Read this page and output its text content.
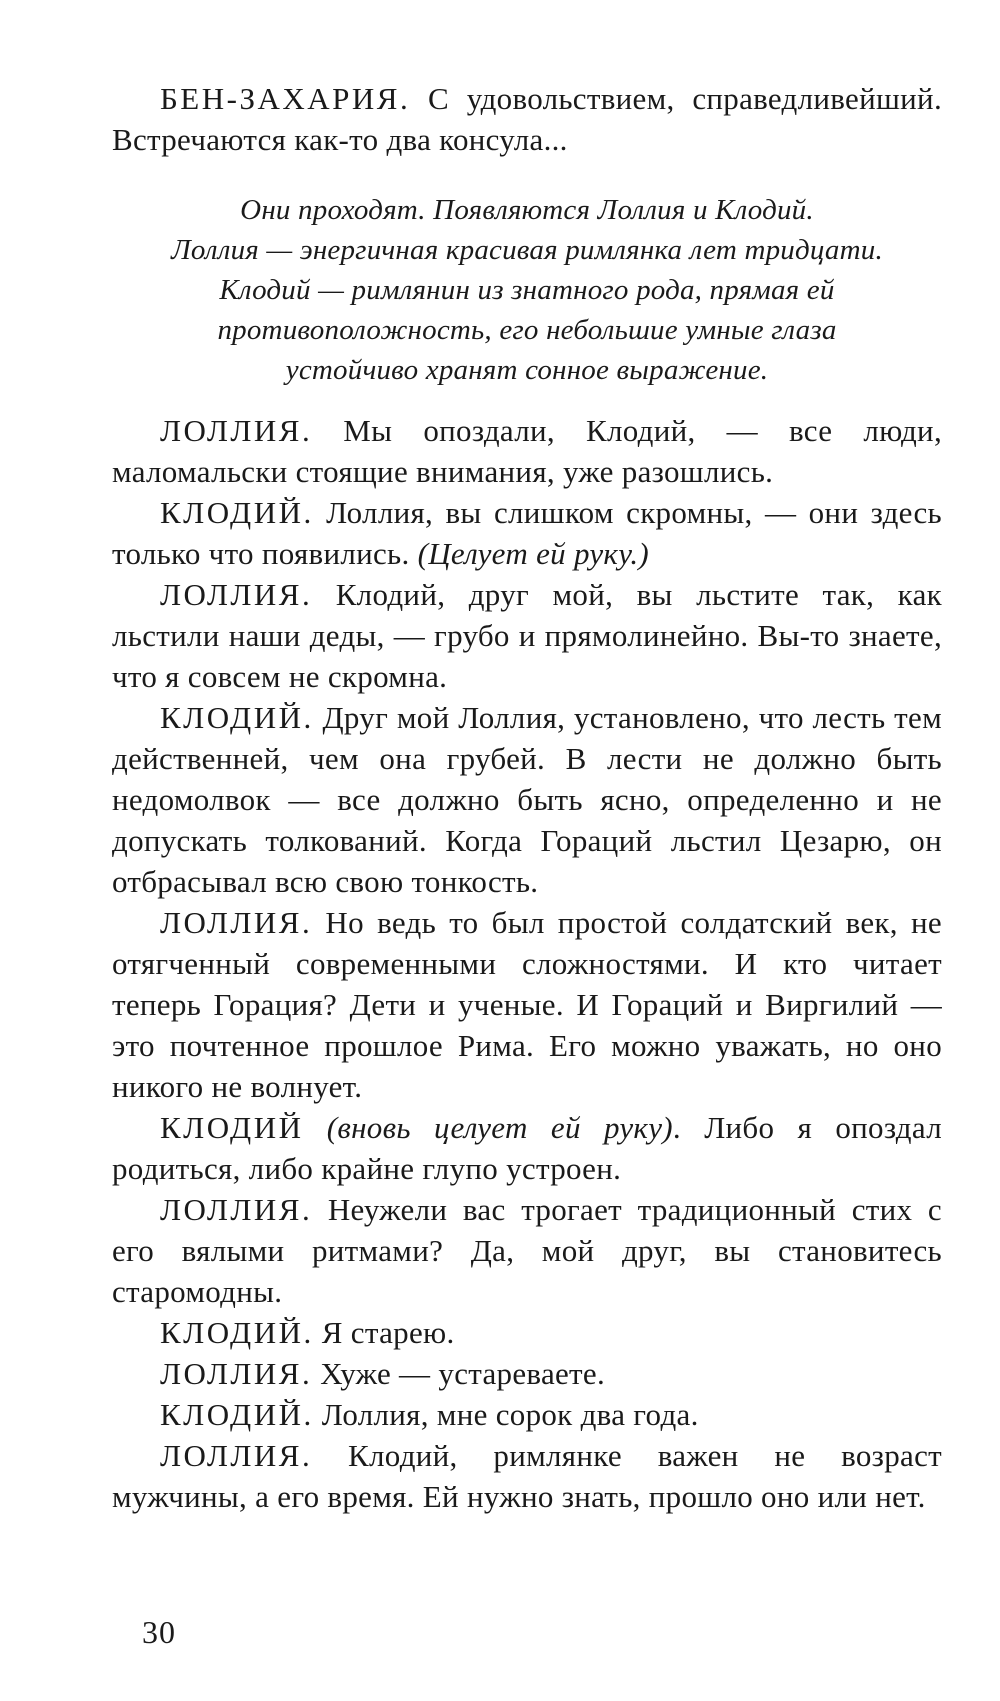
БЕН-ЗАХАРИЯ. С удовольствием, справедливейший. Встречаются как-то два консула...

Они проходят. Появляются Лоллия и Клодий.
Лоллия — энергичная красивая римлянка лет тридцати.
Клодий — римлянин из знатного рода, прямая ей
противоположность, его небольшие умные глаза
устойчиво хранят сонное выражение.

ЛОЛЛИЯ. Мы опоздали, Клодий, — все люди, маломальски стоящие внимания, уже разошлись.

КЛОДИЙ. Лоллия, вы слишком скромны, — они здесь только что появились. (Целует ей руку.)

ЛОЛЛИЯ. Клодий, друг мой, вы льстите так, как льстили наши деды, — грубо и прямолинейно. Вы-то знаете, что я совсем не скромна.

КЛОДИЙ. Друг мой Лоллия, установлено, что лесть тем действенней, чем она грубей. В лести не должно быть недомолвок — все должно быть ясно, определенно и не допускать толкований. Когда Гораций льстил Цезарю, он отбрасывал всю свою тонкость.

ЛОЛЛИЯ. Но ведь то был простой солдатский век, не отягченный современными сложностями. И кто читает теперь Горация? Дети и ученые. И Гораций и Виргилий — это почтенное прошлое Рима. Его можно уважать, но оно никого не волнует.

КЛОДИЙ (вновь целует ей руку). Либо я опоздал родиться, либо крайне глупо устроен.

ЛОЛЛИЯ. Неужели вас трогает традиционный стих с его вялыми ритмами? Да, мой друг, вы становитесь старомодны.

КЛОДИЙ. Я старею.

ЛОЛЛИЯ. Хуже — устареваете.

КЛОДИЙ. Лоллия, мне сорок два года.

ЛОЛЛИЯ. Клодий, римлянке важен не возраст мужчины, а его время. Ей нужно знать, прошло оно или нет.

30
